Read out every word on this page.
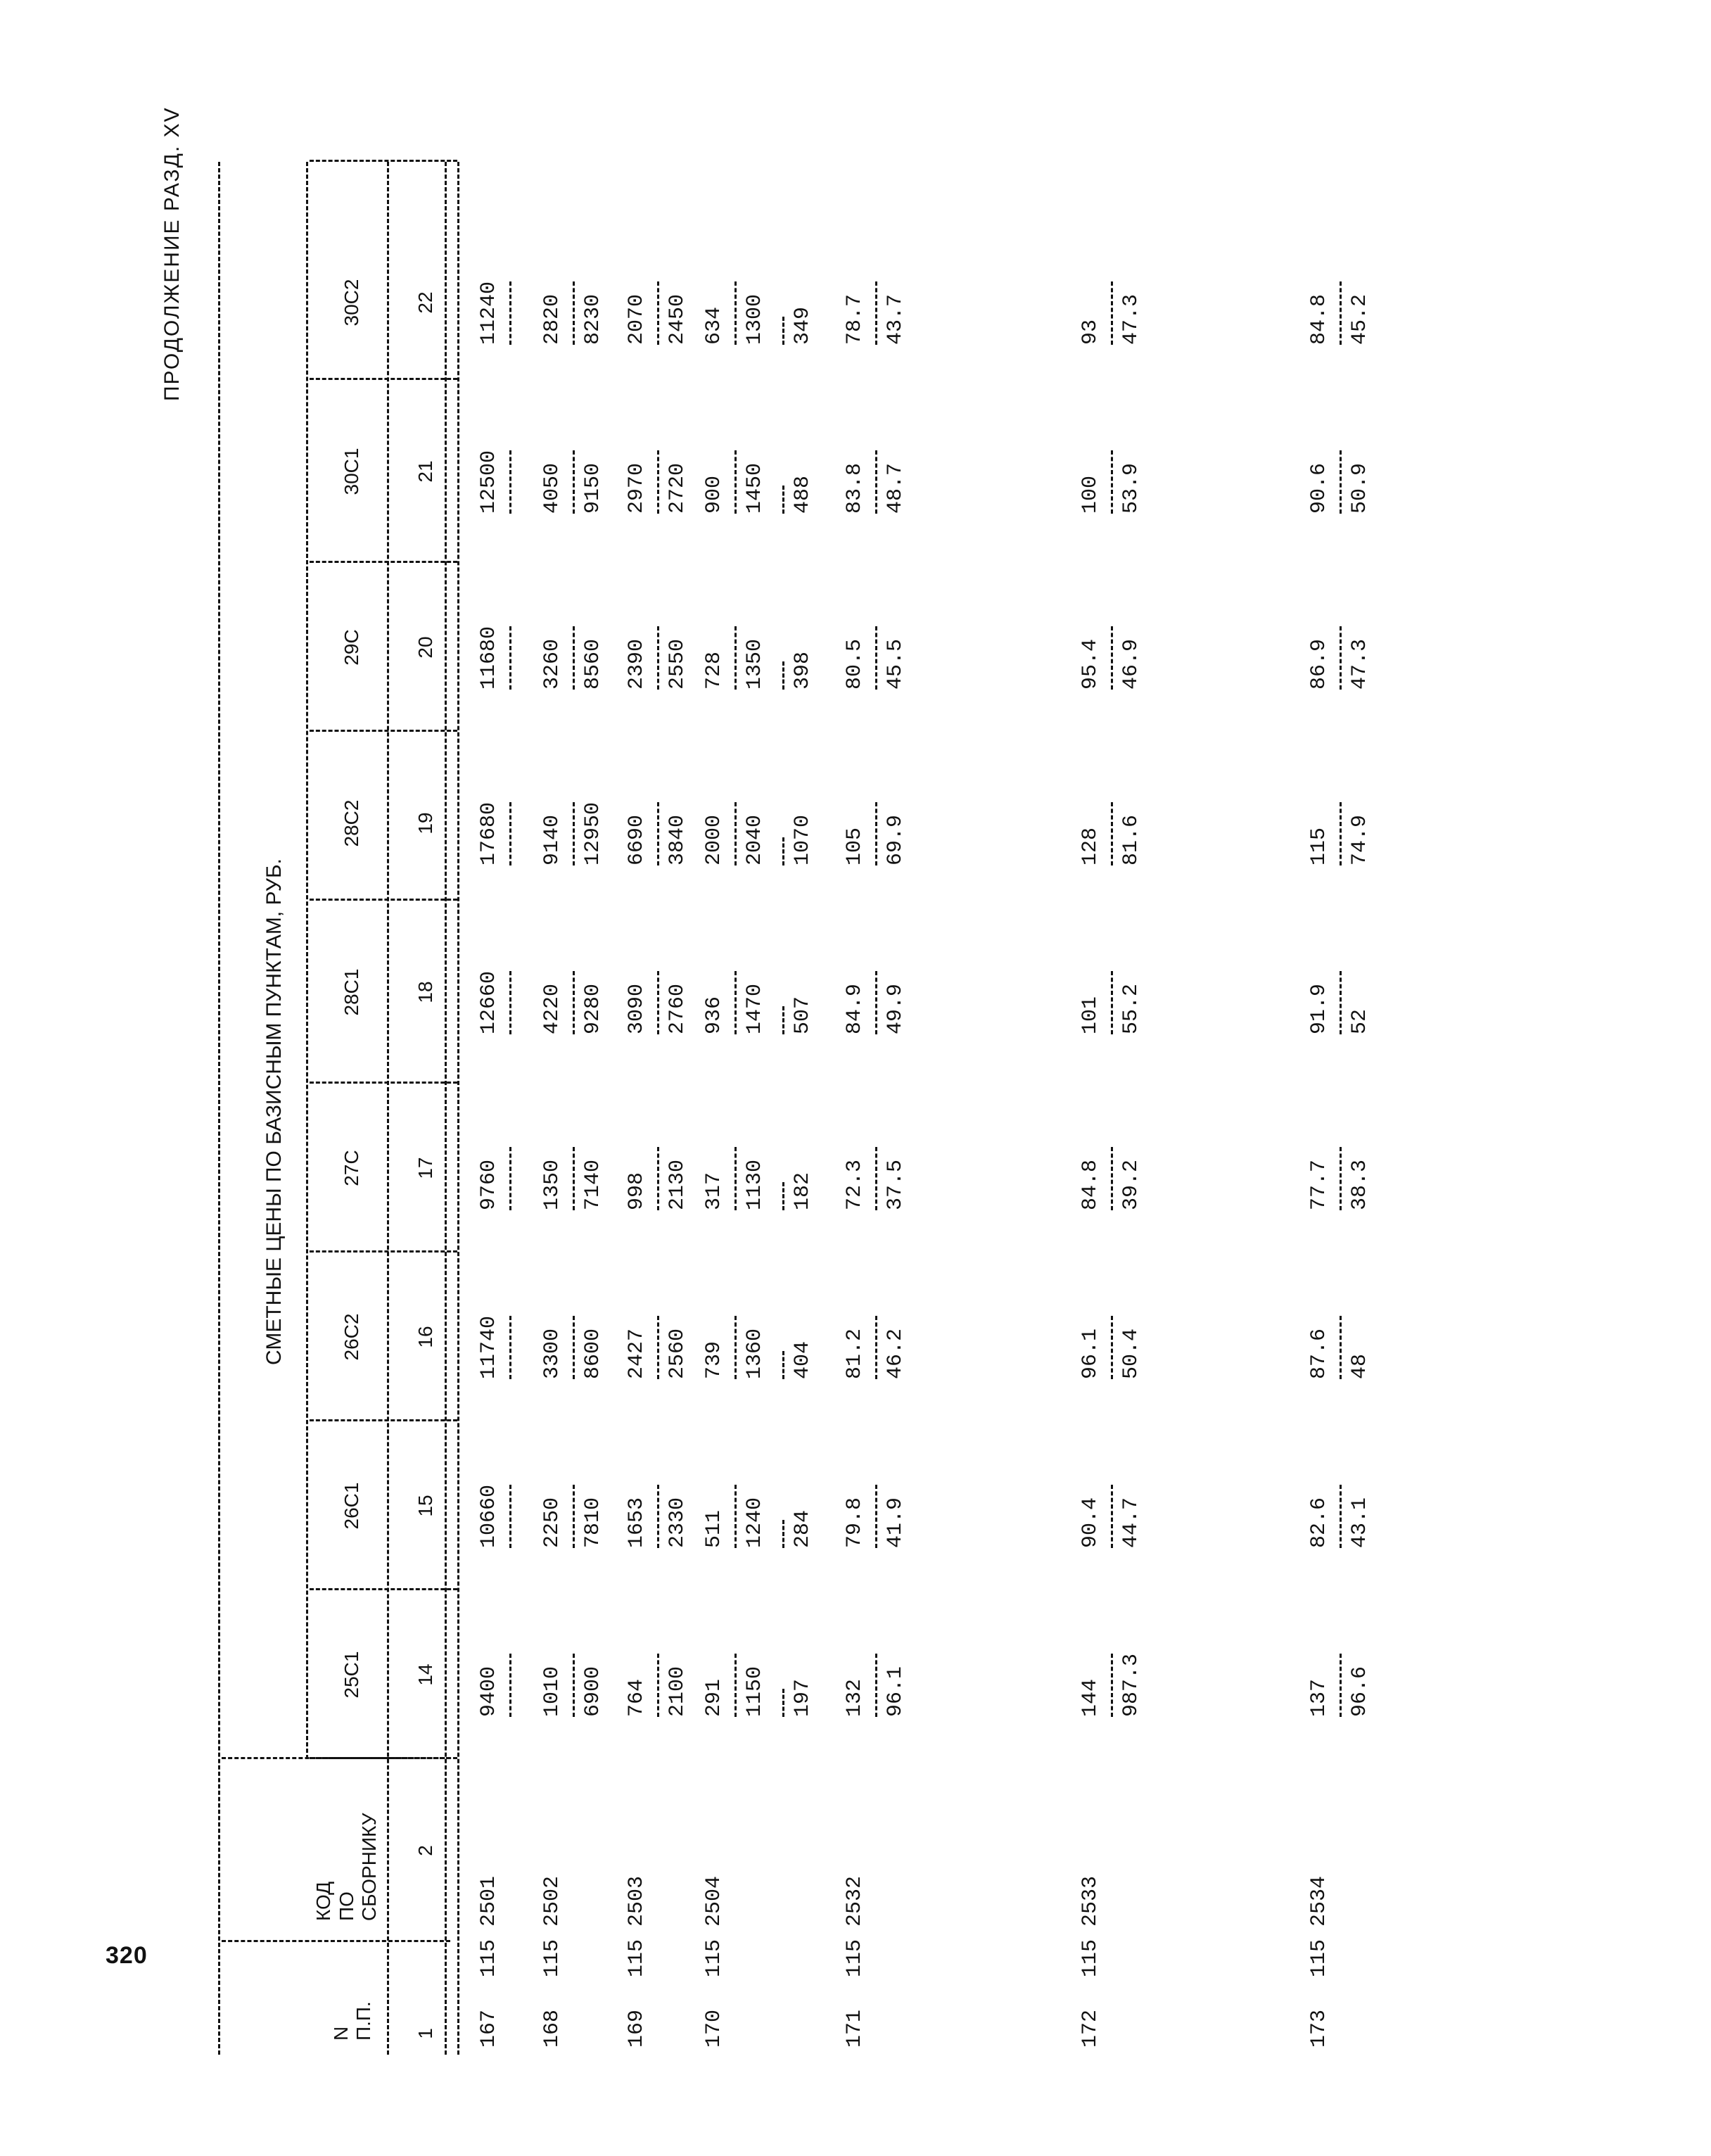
320
ПРОДОЛЖЕНИЕ РАЗД. XV
N П.П.
КОД ПО СБОРНИКУ
СМЕТНЫЕ ЦЕНЫ ПО БАЗИСНЫМ ПУНКТАМ, РУБ.
1
2
25С1
26С1
26С2
27С
28С1
28С2
29С
30С1
30С2
14
15
16
17
18
19
20
21
22
167
115 2501
9400
10660
11740
9760
12660
17680
11680
12500
11240
168
115 2502
1010 6900
2250 7810
3300 8600
1350 7140
4220 9280
9140 12950
3260 8560
4050 9150
2820 8230
169
115 2503
764 2100
1653 2330
2427 2560
998 2130
3090 2760
6690 3840
2390 2550
2970 2720
2070 2450
170
115 2504
291 1150 197
511 1240 284
739 1360 404
317 1130 182
936 1470 507
2000 2040 1070
728 1350 398
900 1450 488
634 1300 349
171
115 2532
132 96.1
79.8 41.9
81.2 46.2
72.3 37.5
84.9 49.9
105 69.9
80.5 45.5
83.8 48.7
78.7 43.7
172
115 2533
144 987.3
90.4 44.7
96.1 50.4
84.8 39.2
101 55.2
128 81.6
95.4 46.9
100 53.9
93 47.3
173
115 2534
137 96.6
82.6 43.1
87.6 48
77.7 38.3
91.9 52
115 74.9
86.9 47.3
90.6 50.9
84.8 45.2
